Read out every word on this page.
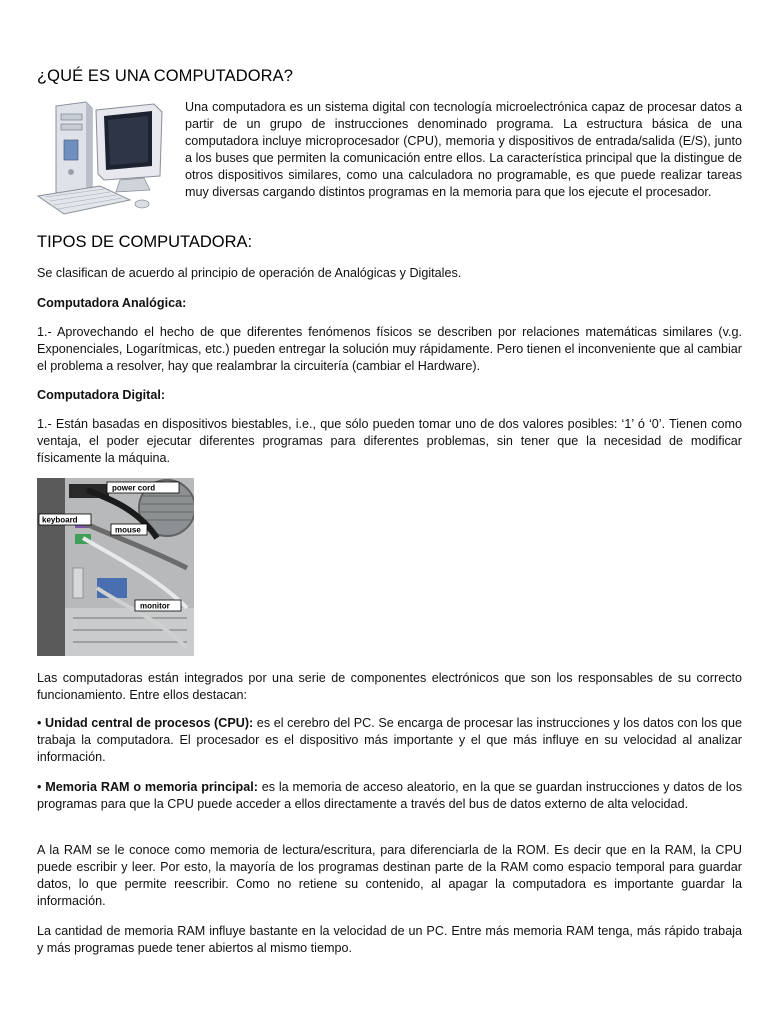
¿QUÉ ES UNA COMPUTADORA?

Una computadora es un sistema digital con tecnología microelectrónica capaz de procesar datos a partir de un grupo de instrucciones denominado programa. La estructura básica de una computadora incluye microprocesador (CPU), memoria y dispositivos de entrada/salida (E/S), junto a los buses que permiten la comunicación entre ellos. La característica principal que la distingue de otros dispositivos similares, como una calculadora no programable, es que puede realizar tareas muy diversas cargando distintos programas en la memoria para que los ejecute el procesador.

TIPOS DE COMPUTADORA:

Se clasifican de acuerdo al principio de operación de Analógicas y Digitales.

Computadora Analógica:

1.- Aprovechando el hecho de que diferentes fenómenos físicos se describen por relaciones matemáticas similares (v.g. Exponenciales, Logarítmicas, etc.) pueden entregar la solución muy rápidamente. Pero tienen el inconveniente que al cambiar el problema a resolver, hay que realambrar la circuitería (cambiar el Hardware).

Computadora Digital:

1.- Están basadas en dispositivos biestables, i.e., que sólo pueden tomar uno de dos valores posibles: ‘1’ ó ‘0’. Tienen como ventaja, el poder ejecutar diferentes programas para diferentes problemas, sin tener que la necesidad de modificar físicamente la máquina.

power cord
keyboard
mouse
monitor

Las computadoras están integrados por una serie de componentes electrónicos que son los responsables de su correcto funcionamiento. Entre ellos destacan:

• Unidad central de procesos (CPU): es el cerebro del PC. Se encarga de procesar las instrucciones y los datos con los que trabaja la computadora. El procesador es el dispositivo más importante y el que más influye en su velocidad al analizar información.

• Memoria RAM o memoria principal: es la memoria de acceso aleatorio, en la que se guardan instrucciones y datos de los programas para que la CPU puede acceder a ellos directamente a través del bus de datos externo de alta velocidad.

A la RAM se le conoce como memoria de lectura/escritura, para diferenciarla de la ROM. Es decir que en la RAM, la CPU puede escribir y leer. Por esto, la mayoría de los programas destinan parte de la RAM como espacio temporal para guardar datos, lo que permite reescribir. Como no retiene su contenido, al apagar la computadora es importante guardar la información.

La cantidad de memoria RAM influye bastante en la velocidad de un PC. Entre más memoria RAM tenga, más rápido trabaja y más programas puede tener abiertos al mismo tiempo.
